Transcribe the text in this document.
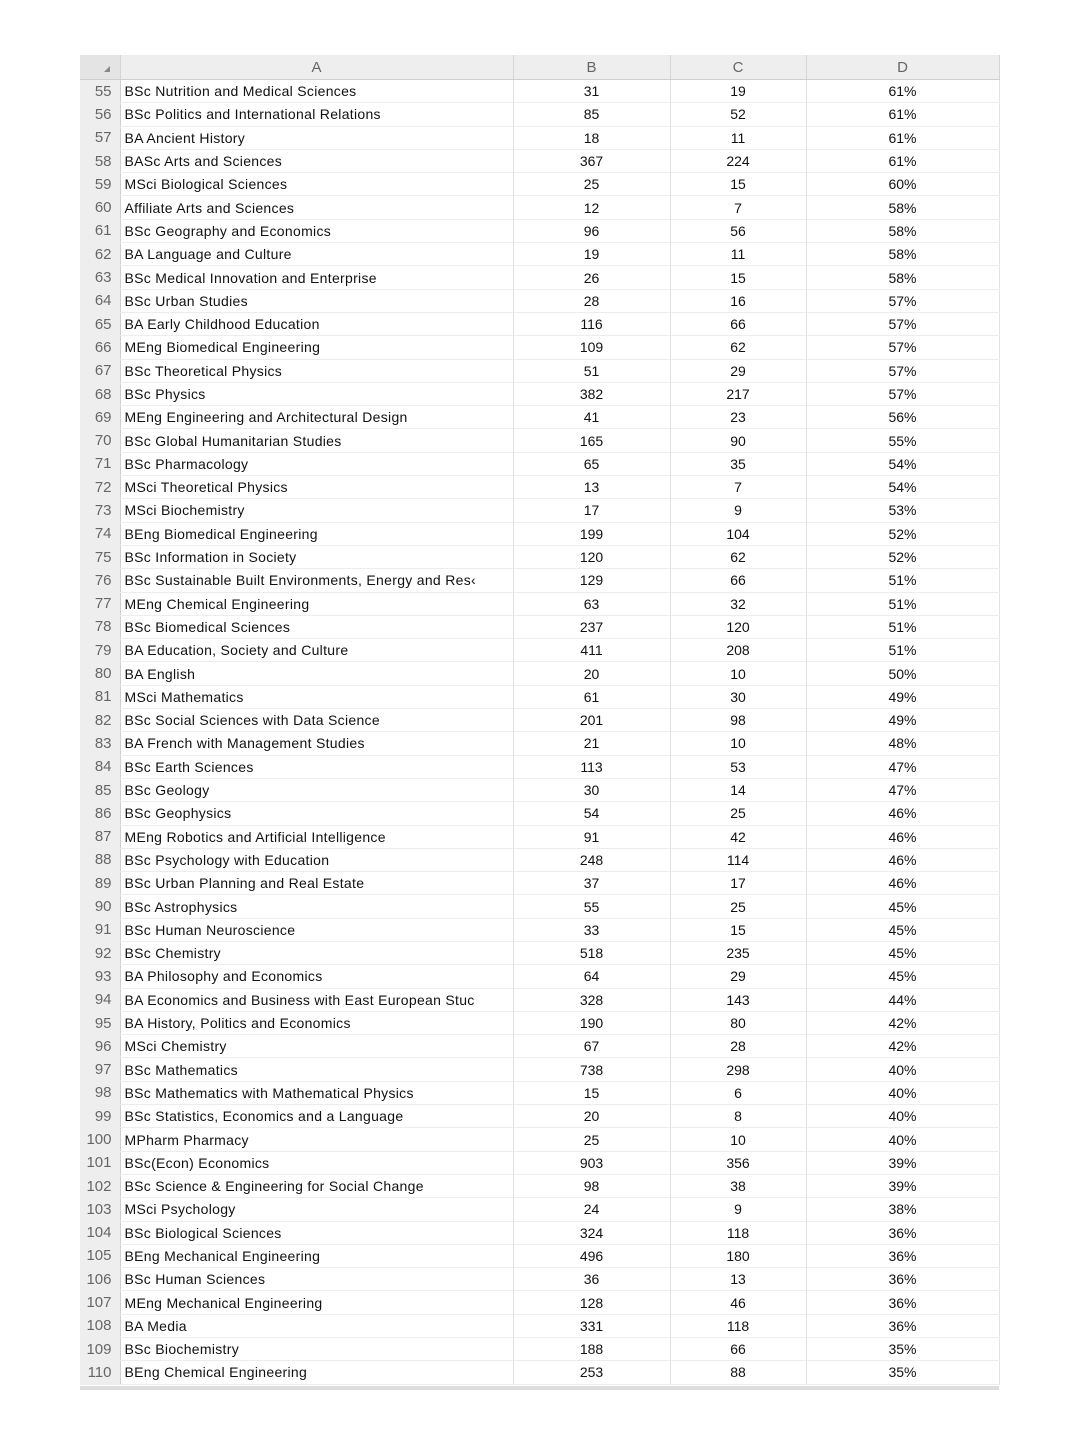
	A	B	C	D
55	BSc Nutrition and Medical Sciences	31	19	61%
56	BSc Politics and International Relations	85	52	61%
57	BA Ancient History	18	11	61%
58	BASc Arts and Sciences	367	224	61%
59	MSci Biological Sciences	25	15	60%
60	Affiliate Arts and Sciences	12	7	58%
61	BSc Geography and Economics	96	56	58%
62	BA Language and Culture	19	11	58%
63	BSc Medical Innovation and Enterprise	26	15	58%
64	BSc Urban Studies	28	16	57%
65	BA Early Childhood Education	116	66	57%
66	MEng Biomedical Engineering	109	62	57%
67	BSc Theoretical Physics	51	29	57%
68	BSc Physics	382	217	57%
69	MEng Engineering and Architectural Design	41	23	56%
70	BSc Global Humanitarian Studies	165	90	55%
71	BSc Pharmacology	65	35	54%
72	MSci Theoretical Physics	13	7	54%
73	MSci Biochemistry	17	9	53%
74	BEng Biomedical Engineering	199	104	52%
75	BSc Information in Society	120	62	52%
76	BSc Sustainable Built Environments, Energy and Res‹	129	66	51%
77	MEng Chemical Engineering	63	32	51%
78	BSc Biomedical Sciences	237	120	51%
79	BA Education, Society and Culture	411	208	51%
80	BA English	20	10	50%
81	MSci Mathematics	61	30	49%
82	BSc Social Sciences with Data Science	201	98	49%
83	BA French with Management Studies	21	10	48%
84	BSc Earth Sciences	113	53	47%
85	BSc Geology	30	14	47%
86	BSc Geophysics	54	25	46%
87	MEng Robotics and Artificial Intelligence	91	42	46%
88	BSc Psychology with Education	248	114	46%
89	BSc Urban Planning and Real Estate	37	17	46%
90	BSc Astrophysics	55	25	45%
91	BSc Human Neuroscience	33	15	45%
92	BSc Chemistry	518	235	45%
93	BA Philosophy and Economics	64	29	45%
94	BA Economics and Business with East European Stuc	328	143	44%
95	BA History, Politics and Economics	190	80	42%
96	MSci Chemistry	67	28	42%
97	BSc Mathematics	738	298	40%
98	BSc Mathematics with Mathematical Physics	15	6	40%
99	BSc Statistics, Economics and a Language	20	8	40%
100	MPharm Pharmacy	25	10	40%
101	BSc(Econ) Economics	903	356	39%
102	BSc Science & Engineering for Social Change	98	38	39%
103	MSci Psychology	24	9	38%
104	BSc Biological Sciences	324	118	36%
105	BEng Mechanical Engineering	496	180	36%
106	BSc Human Sciences	36	13	36%
107	MEng Mechanical Engineering	128	46	36%
108	BA Media	331	118	36%
109	BSc Biochemistry	188	66	35%
110	BEng Chemical Engineering	253	88	35%
